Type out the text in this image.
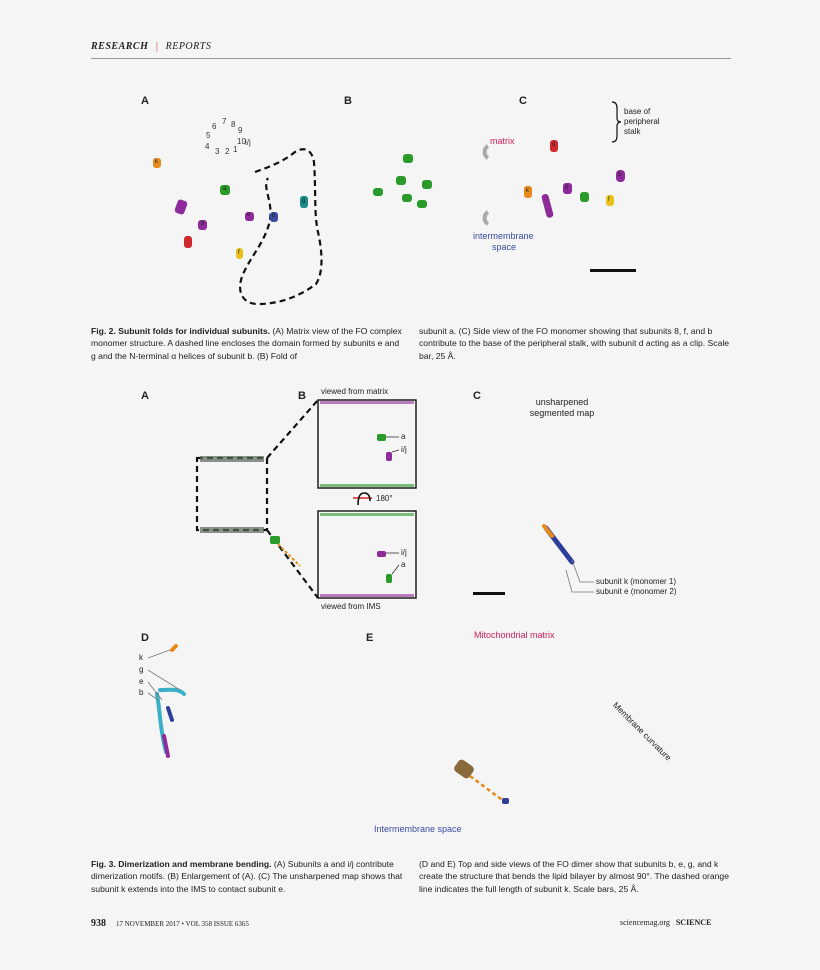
RESEARCH | REPORTS
A	B	C
6
7 8
9
5
10
4
3 2 1
i/j
k
a
8
e	b
g
f
matrix
intermembrane
space
base of
peripheral
stalk
d
k	8
b
f
Fig. 2. Subunit folds for individual subunits. (A) Matrix view of the FO complex monomer structure. A dashed line encloses the domain formed by subunits e and g and the N-terminal α helices of subunit b. (B) Fold of
subunit a. (C) Side view of the FO monomer showing that subunits 8, f, and b contribute to the base of the peripheral stalk, with subunit d acting as a clip. Scale bar, 25 Å.
A	B	C
D	E
viewed from matrix
viewed from IMS
180°
a
i/j
i/j
a
unsharpened
segmented map
subunit k (monomer 1)
subunit e (monomer 2)
k
g
e
b
Mitochondrial matrix
Membrane curvature
Intermembrane space
Fig. 3. Dimerization and membrane bending. (A) Subunits a and i/j contribute dimerization motifs. (B) Enlargement of (A). (C) The unsharpened map shows that subunit k extends into the IMS to contact subunit e.
(D and E) Top and side views of the FO dimer show that subunits b, e, g, and k create the structure that bends the lipid bilayer by almost 90°. The dashed orange line indicates the full length of subunit k. Scale bars, 25 Å.
938 17 NOVEMBER 2017 • VOL 358 ISSUE 6365	sciencemag.org SCIENCE
